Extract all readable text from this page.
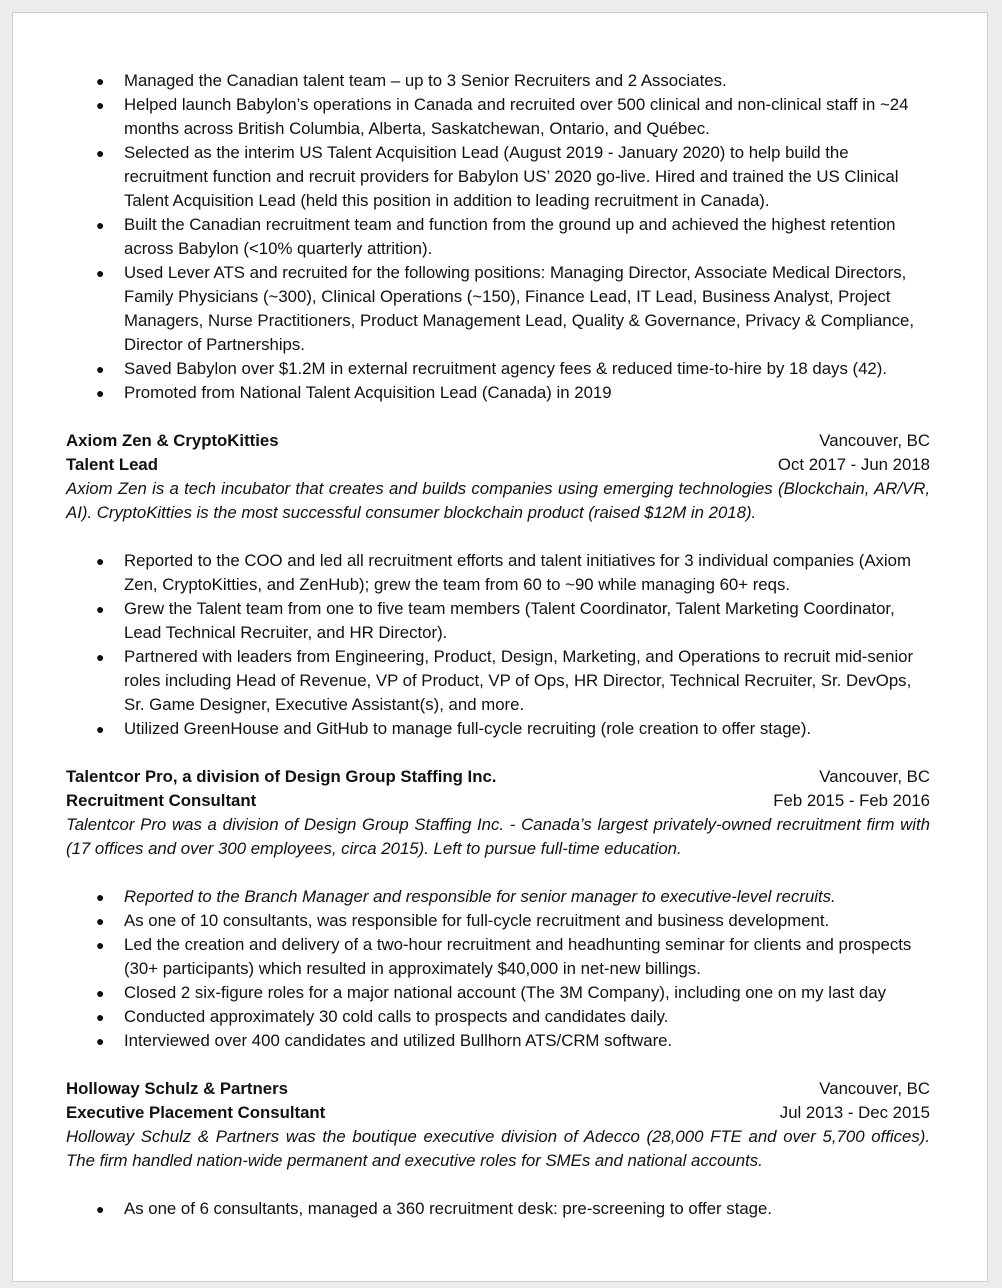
● Managed the Canadian talent team – up to 3 Senior Recruiters and 2 Associates.
● Helped launch Babylon’s operations in Canada and recruited over 500 clinical and non-clinical staff in ~24 months across British Columbia, Alberta, Saskatchewan, Ontario, and Québec.
● Selected as the interim US Talent Acquisition Lead (August 2019 - January 2020) to help build the recruitment function and recruit providers for Babylon US’ 2020 go-live. Hired and trained the US Clinical Talent Acquisition Lead (held this position in addition to leading recruitment in Canada).
● Built the Canadian recruitment team and function from the ground up and achieved the highest retention across Babylon (<10% quarterly attrition).
● Used Lever ATS and recruited for the following positions: Managing Director, Associate Medical Directors, Family Physicians (~300), Clinical Operations (~150), Finance Lead, IT Lead, Business Analyst, Project Managers, Nurse Practitioners, Product Management Lead, Quality & Governance, Privacy & Compliance, Director of Partnerships.
● Saved Babylon over $1.2M in external recruitment agency fees & reduced time-to-hire by 18 days (42).
● Promoted from National Talent Acquisition Lead (Canada) in 2019
Axiom Zen & CryptoKitties	Vancouver, BC
Talent Lead	Oct 2017 - Jun 2018
Axiom Zen is a tech incubator that creates and builds companies using emerging technologies (Blockchain, AR/VR, AI). CryptoKitties is the most successful consumer blockchain product (raised $12M in 2018).
● Reported to the COO and led all recruitment efforts and talent initiatives for 3 individual companies (Axiom Zen, CryptoKitties, and ZenHub); grew the team from 60 to ~90 while managing 60+ reqs.
● Grew the Talent team from one to five team members (Talent Coordinator, Talent Marketing Coordinator, Lead Technical Recruiter, and HR Director).
● Partnered with leaders from Engineering, Product, Design, Marketing, and Operations to recruit mid-senior roles including Head of Revenue, VP of Product, VP of Ops, HR Director, Technical Recruiter, Sr. DevOps, Sr. Game Designer, Executive Assistant(s), and more.
● Utilized GreenHouse and GitHub to manage full-cycle recruiting (role creation to offer stage).
Talentcor Pro, a division of Design Group Staffing Inc.	Vancouver, BC
Recruitment Consultant	Feb 2015 - Feb 2016
Talentcor Pro was a division of Design Group Staffing Inc. - Canada’s largest privately-owned recruitment firm with (17 offices and over 300 employees, circa 2015). Left to pursue full-time education.
● Reported to the Branch Manager and responsible for senior manager to executive-level recruits.
● As one of 10 consultants, was responsible for full-cycle recruitment and business development.
● Led the creation and delivery of a two-hour recruitment and headhunting seminar for clients and prospects (30+ participants) which resulted in approximately $40,000 in net-new billings.
● Closed 2 six-figure roles for a major national account (The 3M Company), including one on my last day
● Conducted approximately 30 cold calls to prospects and candidates daily.
● Interviewed over 400 candidates and utilized Bullhorn ATS/CRM software.
Holloway Schulz & Partners	Vancouver, BC
Executive Placement Consultant	Jul 2013 - Dec 2015
Holloway Schulz & Partners was the boutique executive division of Adecco (28,000 FTE and over 5,700 offices). The firm handled nation-wide permanent and executive roles for SMEs and national accounts.
● As one of 6 consultants, managed a 360 recruitment desk: pre-screening to offer stage.
